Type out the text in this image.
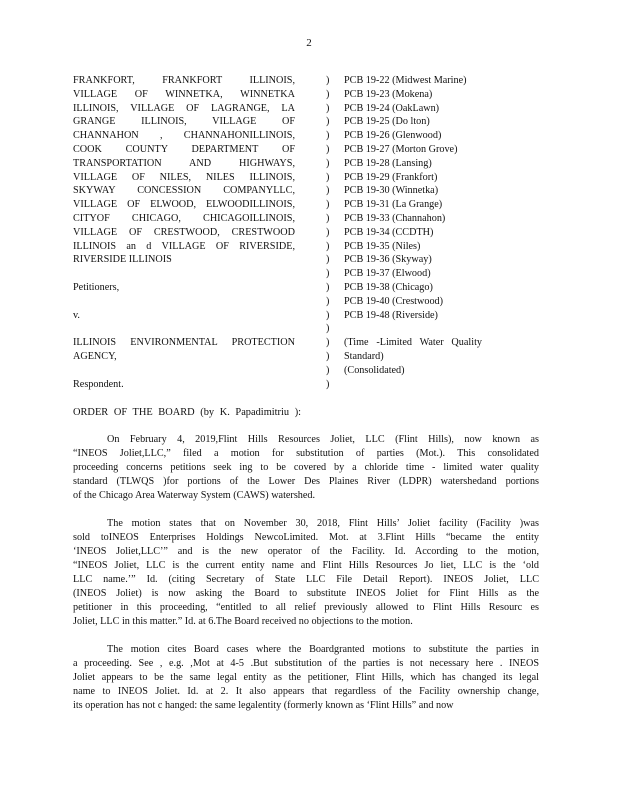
2
FRANKFORT, FRANKFORT ILLINOIS,
VILLAGE OF WINNETKA, WINNETKA
ILLINOIS, VILLAGE OF LAGRANGE, LA
GRANGE ILLINOIS, VILLAGE OF
CHANNAHON , CHANNAHONILLINOIS,
COOK COUNTY DEPARTMENT OF
TRANSPORTATION AND HIGHWAYS,
VILLAGE OF NILES, NILES ILLINOIS,
SKYWAY CONCESSION COMPANYLLC,
VILLAGE OF ELWOOD, ELWOODILLINOIS,
CITYOF CHICAGO, CHICAGOILLINOIS,
VILLAGE OF CRESTWOOD, CRESTWOOD
ILLINOIS an d VILLAGE OF RIVERSIDE,
RIVERSIDE ILLINOIS
Petitioners,
v.
ILLINOIS ENVIRONMENTAL PROTECTION
AGENCY,
Respondent.
)
)
)
)
)
)
)
)
)
)
)
)
)
)
)
)
)
)
)
)
)
)
)
PCB 19-22 (Midwest Marine)
PCB 19-23 (Mokena)
PCB 19-24 (OakLawn)
PCB 19-25 (Do lton)
PCB 19-26 (Glenwood)
PCB 19-27 (Morton Grove)
PCB 19-28 (Lansing)
PCB 19-29 (Frankfort)
PCB 19-30 (Winnetka)
PCB 19-31 (La Grange)
PCB 19-33 (Channahon)
PCB 19-34 (CCDTH)
PCB 19-35 (Niles)
PCB 19-36 (Skyway)
PCB 19-37 (Elwood)
PCB 19-38 (Chicago)
PCB 19-40 (Crestwood)
PCB 19-48 (Riverside)
(Time -Limited Water Quality
Standard)
(Consolidated)
ORDER OF THE BOARD (by K. Papadimitriu ):
On February 4, 2019,Flint Hills Resources Joliet, LLC (Flint Hills), now known as
“INEOS Joliet,LLC,” filed a motion for substitution of parties (Mot.). This consolidated
proceeding concerns petitions seek ing to be covered by a chloride time - limited water quality
standard (TLWQS )for portions of the Lower Des Plaines River (LDPR) watershedand portions
of the Chicago Area Waterway System (CAWS) watershed.
The motion states that on November 30, 2018, Flint Hills’ Joliet facility (Facility )was
sold toINEOS Enterprises Holdings NewcoLimited. Mot. at 3.Flint Hills “became the entity
‘INEOS Joliet,LLC’” and is the new operator of the Facility. Id. According to the motion,
“INEOS Joliet, LLC is the current entity name and Flint Hills Resources Jo liet, LLC is the ‘old
LLC name.’” Id. (citing Secretary of State LLC File Detail Report). INEOS Joliet, LLC
(INEOS Joliet) is now asking the Board to substitute INEOS Joliet for Flint Hills as the
petitioner in this proceeding, “entitled to all relief previously allowed to Flint Hills Resourc es
Joliet, LLC in this matter.” Id. at 6.The Board received no objections to the motion.
The motion cites Board cases where the Boardgranted motions to substitute the parties in
a proceeding. See , e.g. ,Mot at 4-5 .But substitution of the parties is not necessary here . INEOS
Joliet appears to be the same legal entity as the petitioner, Flint Hills, which has changed its legal
name to INEOS Joliet. Id. at 2. It also appears that regardless of the Facility ownership change,
its operation has not c hanged: the same legalentity (formerly known as ‘Flint Hills” and now
